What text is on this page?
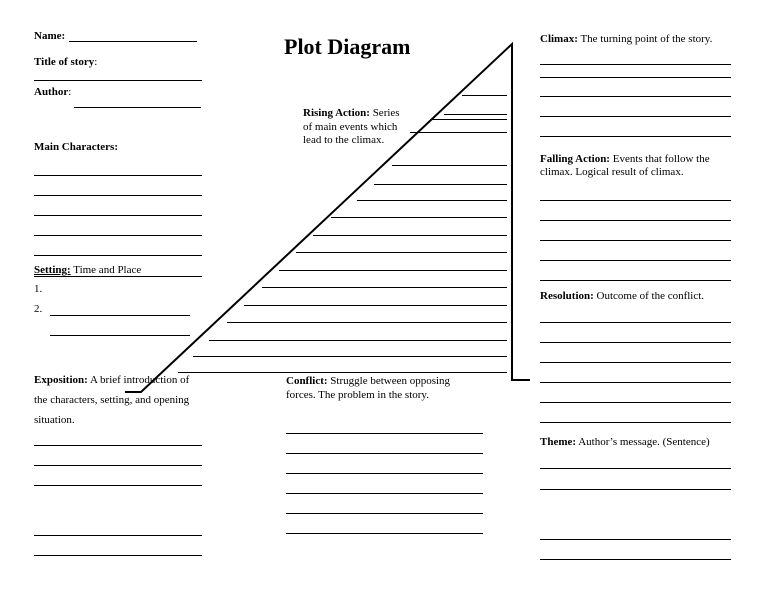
Plot Diagram
Name:
Title of story:
Author:
Main Characters:
Setting: Time and Place
1.
2.
Exposition: A brief introduction of
the characters, setting, and opening
situation.
Rising Action: Series
of main events which
lead to the climax.
Conflict: Struggle between opposing
forces. The problem in the story.
Climax: The turning point of the story.
Falling Action: Events that follow the
climax. Logical result of climax.
Resolution: Outcome of the conflict.
Theme: Author’s message. (Sentence)
